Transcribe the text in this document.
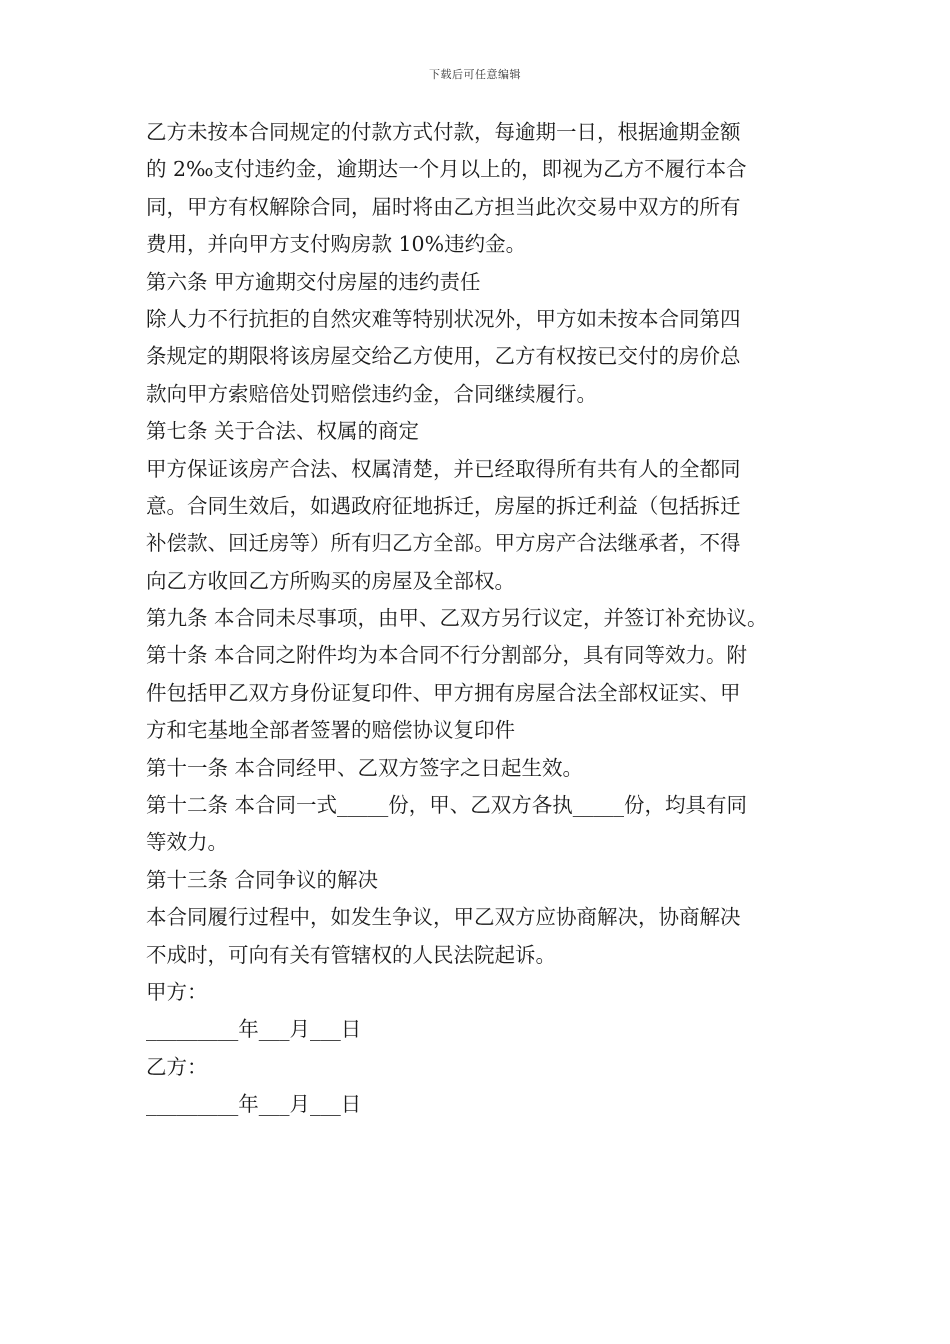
下载后可任意编辑
乙方未按本合同规定的付款方式付款，每逾期一日，根据逾期金额
的 2‰支付违约金，逾期达一个月以上的，即视为乙方不履行本合
同，甲方有权解除合同，届时将由乙方担当此次交易中双方的所有
费用，并向甲方支付购房款 10%违约金。
第六条 甲方逾期交付房屋的违约责任
除人力不行抗拒的自然灾难等特别状况外，甲方如未按本合同第四
条规定的期限将该房屋交给乙方使用，乙方有权按已交付的房价总
款向甲方索赔倍处罚赔偿违约金，合同继续履行。
第七条 关于合法、权属的商定
甲方保证该房产合法、权属清楚，并已经取得所有共有人的全都同
意。合同生效后，如遇政府征地拆迁，房屋的拆迁利益（包括拆迁
补偿款、回迁房等）所有归乙方全部。甲方房产合法继承者，不得
向乙方收回乙方所购买的房屋及全部权。
第九条 本合同未尽事项，由甲、乙双方另行议定，并签订补充协议。
第十条 本合同之附件均为本合同不行分割部分，具有同等效力。附
件包括甲乙双方身份证复印件、甲方拥有房屋合法全部权证实、甲
方和宅基地全部者签署的赔偿协议复印件
第十一条 本合同经甲、乙双方签字之日起生效。
第十二条 本合同一式_____份，甲、乙双方各执_____份，均具有同
等效力。
第十三条 合同争议的解决
本合同履行过程中，如发生争议，甲乙双方应协商解决，协商解决
不成时，可向有关有管辖权的人民法院起诉。
甲方：
_________年___月___日
乙方：
_________年___月___日
